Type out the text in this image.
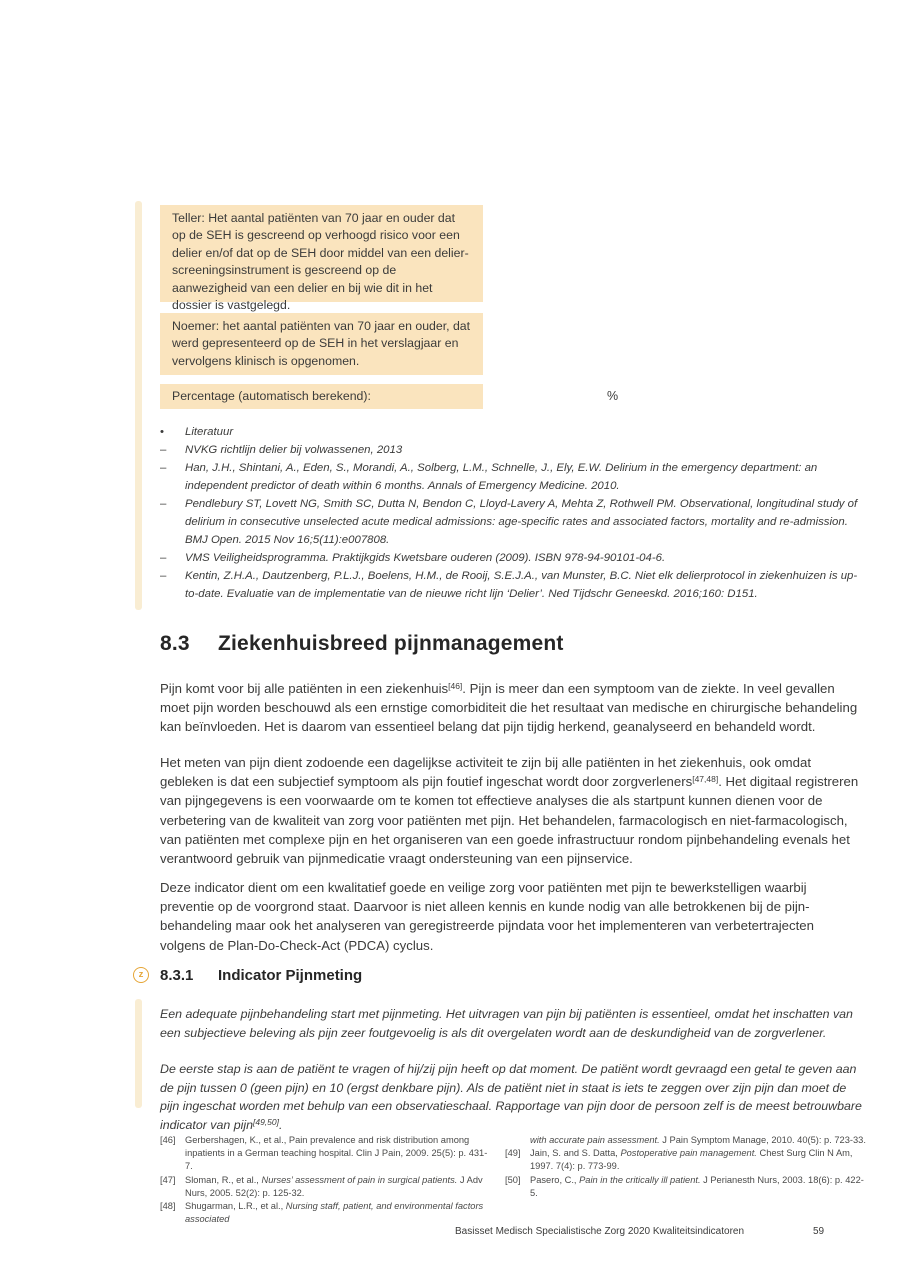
Teller: Het aantal patiënten van 70 jaar en ouder dat op de SEH is gescreend op verhoogd risico voor een delier en/of dat op de SEH door middel van een delier-screeningsinstrument is gescreend op de aanwezigheid van een delier en bij wie dit in het dossier is vastgelegd.
Noemer: het aantal patiënten van 70 jaar en ouder, dat werd gepresenteerd op de SEH in het verslagjaar en vervolgens klinisch is opgenomen.
Percentage (automatisch berekend):	%
• Literatuur
– NVKG richtlijn delier bij volwassenen, 2013
– Han, J.H., Shintani, A., Eden, S., Morandi, A., Solberg, L.M., Schnelle, J., Ely, E.W. Delirium in the emergency department: an independent predictor of death within 6 months. Annals of Emergency Medicine. 2010.
– Pendlebury ST, Lovett NG, Smith SC, Dutta N, Bendon C, Lloyd-Lavery A, Mehta Z, Rothwell PM. Observational, longitudinal study of delirium in consecutive unselected acute medical admissions: age-specific rates and associated factors, mortality and re-admission. BMJ Open. 2015 Nov 16;5(11):e007808.
– VMS Veiligheidsprogramma. Praktijkgids Kwetsbare ouderen (2009). ISBN 978-94-90101-04-6.
– Kentin, Z.H.A., Dautzenberg, P.L.J., Boelens, H.M., de Rooij, S.E.J.A., van Munster, B.C. Niet elk delierprotocol in ziekenhuizen is up-to-date. Evaluatie van de implementatie van de nieuwe richt lijn ‘Delier’. Ned Tijdschr Geneeskd. 2016;160: D151.
8.3	Ziekenhuisbreed pijnmanagement
Pijn komt voor bij alle patiënten in een ziekenhuis[46]. Pijn is meer dan een symptoom van de ziekte. In veel gevallen moet pijn worden beschouwd als een ernstige comorbiditeit die het resultaat van medische en chirurgische behandeling kan beïnvloeden. Het is daarom van essentieel belang dat pijn tijdig herkend, geanalyseerd en behandeld wordt.
Het meten van pijn dient zodoende een dagelijkse activiteit te zijn bij alle patiënten in het ziekenhuis, ook omdat gebleken is dat een subjectief symptoom als pijn foutief ingeschat wordt door zorgverleners[47,48]. Het digitaal registreren van pijngegevens is een voorwaarde om te komen tot effectieve analyses die als startpunt kunnen dienen voor de verbetering van de kwaliteit van zorg voor patiënten met pijn. Het behandelen, farmacologisch en niet-farmacologisch, van patiënten met complexe pijn en het organiseren van een goede infrastructuur rondom pijnbehandeling evenals het verantwoord gebruik van pijnmedicatie vraagt ondersteuning van een pijnservice.
Deze indicator dient om een kwalitatief goede en veilige zorg voor patiënten met pijn te bewerkstelligen waarbij preventie op de voorgrond staat. Daarvoor is niet alleen kennis en kunde nodig van alle betrokkenen bij de pijn-behandeling maar ook het analyseren van geregistreerde pijndata voor het implementeren van verbetertrajecten volgens de Plan-Do-Check-Act (PDCA) cyclus.
z	8.3.1	Indicator Pijnmeting
Een adequate pijnbehandeling start met pijnmeting. Het uitvragen van pijn bij patiënten is essentieel, omdat het inschatten van een subjectieve beleving als pijn zeer foutgevoelig is als dit overgelaten wordt aan de deskundigheid van de zorgverlener.
De eerste stap is aan de patiënt te vragen of hij/zij pijn heeft op dat moment. De patiënt wordt gevraagd een getal te geven aan de pijn tussen 0 (geen pijn) en 10 (ergst denkbare pijn). Als de patiënt niet in staat is iets te zeggen over zijn pijn dan moet de pijn ingeschat worden met behulp van een observatieschaal. Rapportage van pijn door de persoon zelf is de meest betrouwbare indicator van pijn[49,50].
[46] Gerbershagen, K., et al., Pain prevalence and risk distribution among inpatients in a German teaching hospital. Clin J Pain, 2009. 25(5): p. 431-7.
[47] Sloman, R., et al., Nurses’ assessment of pain in surgical patients. J Adv Nurs, 2005. 52(2): p. 125-32.
[48] Shugarman, L.R., et al., Nursing staff, patient, and environmental factors associated
with accurate pain assessment. J Pain Symptom Manage, 2010. 40(5): p. 723-33.
[49] Jain, S. and S. Datta, Postoperative pain management. Chest Surg Clin N Am, 1997. 7(4): p. 773-99.
[50] Pasero, C., Pain in the critically ill patient. J Perianesth Nurs, 2003. 18(6): p. 422-5.
Basisset Medisch Specialistische Zorg 2020 Kwaliteitsindicatoren	59
